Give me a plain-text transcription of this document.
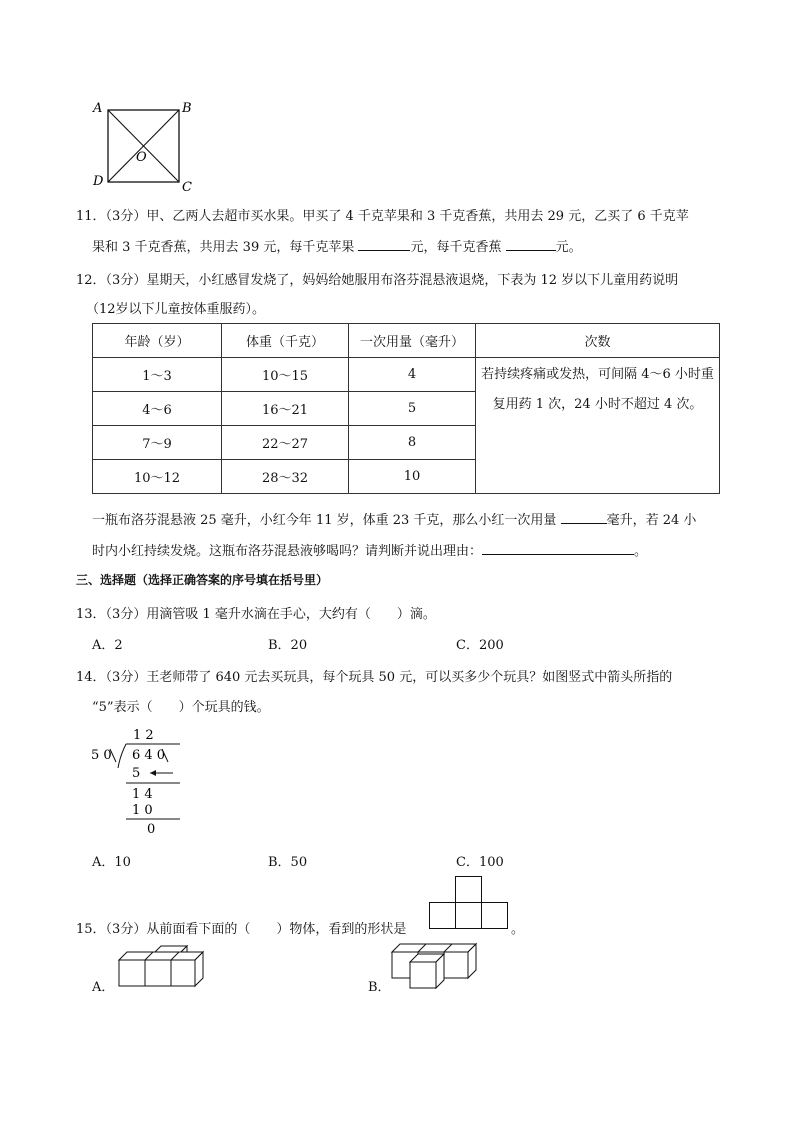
A	B
C
D
O
11．（3分）甲、乙两人去超市买水果。甲买了 4 千克苹果和 3 千克香蕉，共用去 29 元，乙买了 6 千克苹
果和 3 千克香蕉，共用去 39 元，每千克苹果	元，每千克香蕉	元。
12．（3分）星期天，小红感冒发烧了，妈妈给她服用布洛芬混悬液退烧，下表为 12 岁以下儿童用药说明
（12岁以下儿童按体重服药）。
年龄（岁）	体重（千克）	一次用量（毫升）	次数
1～3	10～15	4	若持续疼痛或发热，可间隔 4～6 小时重复用药 1 次，24 小时不超过 4 次。
4～6	16～21	5	
7～9	22～27	8	
10～12	28～32	10	
一瓶布洛芬混悬液 25 毫升，小红今年 11 岁，体重 23 千克，那么小红一次用量	毫升，若 24 小
时内小红持续发烧。这瓶布洛芬混悬液够喝吗？请判断并说出理由：	。
三、选择题（选择正确答案的序号填在括号里）
13．（3分）用滴管吸 1 毫升水滴在手心，大约有（　　）滴。
A．2	B．20	C．200
14．（3分）王老师带了 640 元去买玩具，每个玩具 50 元，可以买多少个玩具？如图竖式中箭头所指的
“5”表示（　　）个玩具的钱。
1 2
5 0 6 4 0
5
1 4
1 0
0
A．10	B．50	C．100
15．（3分）从前面看下面的（　　）物体，看到的形状是	。
A．	B．
